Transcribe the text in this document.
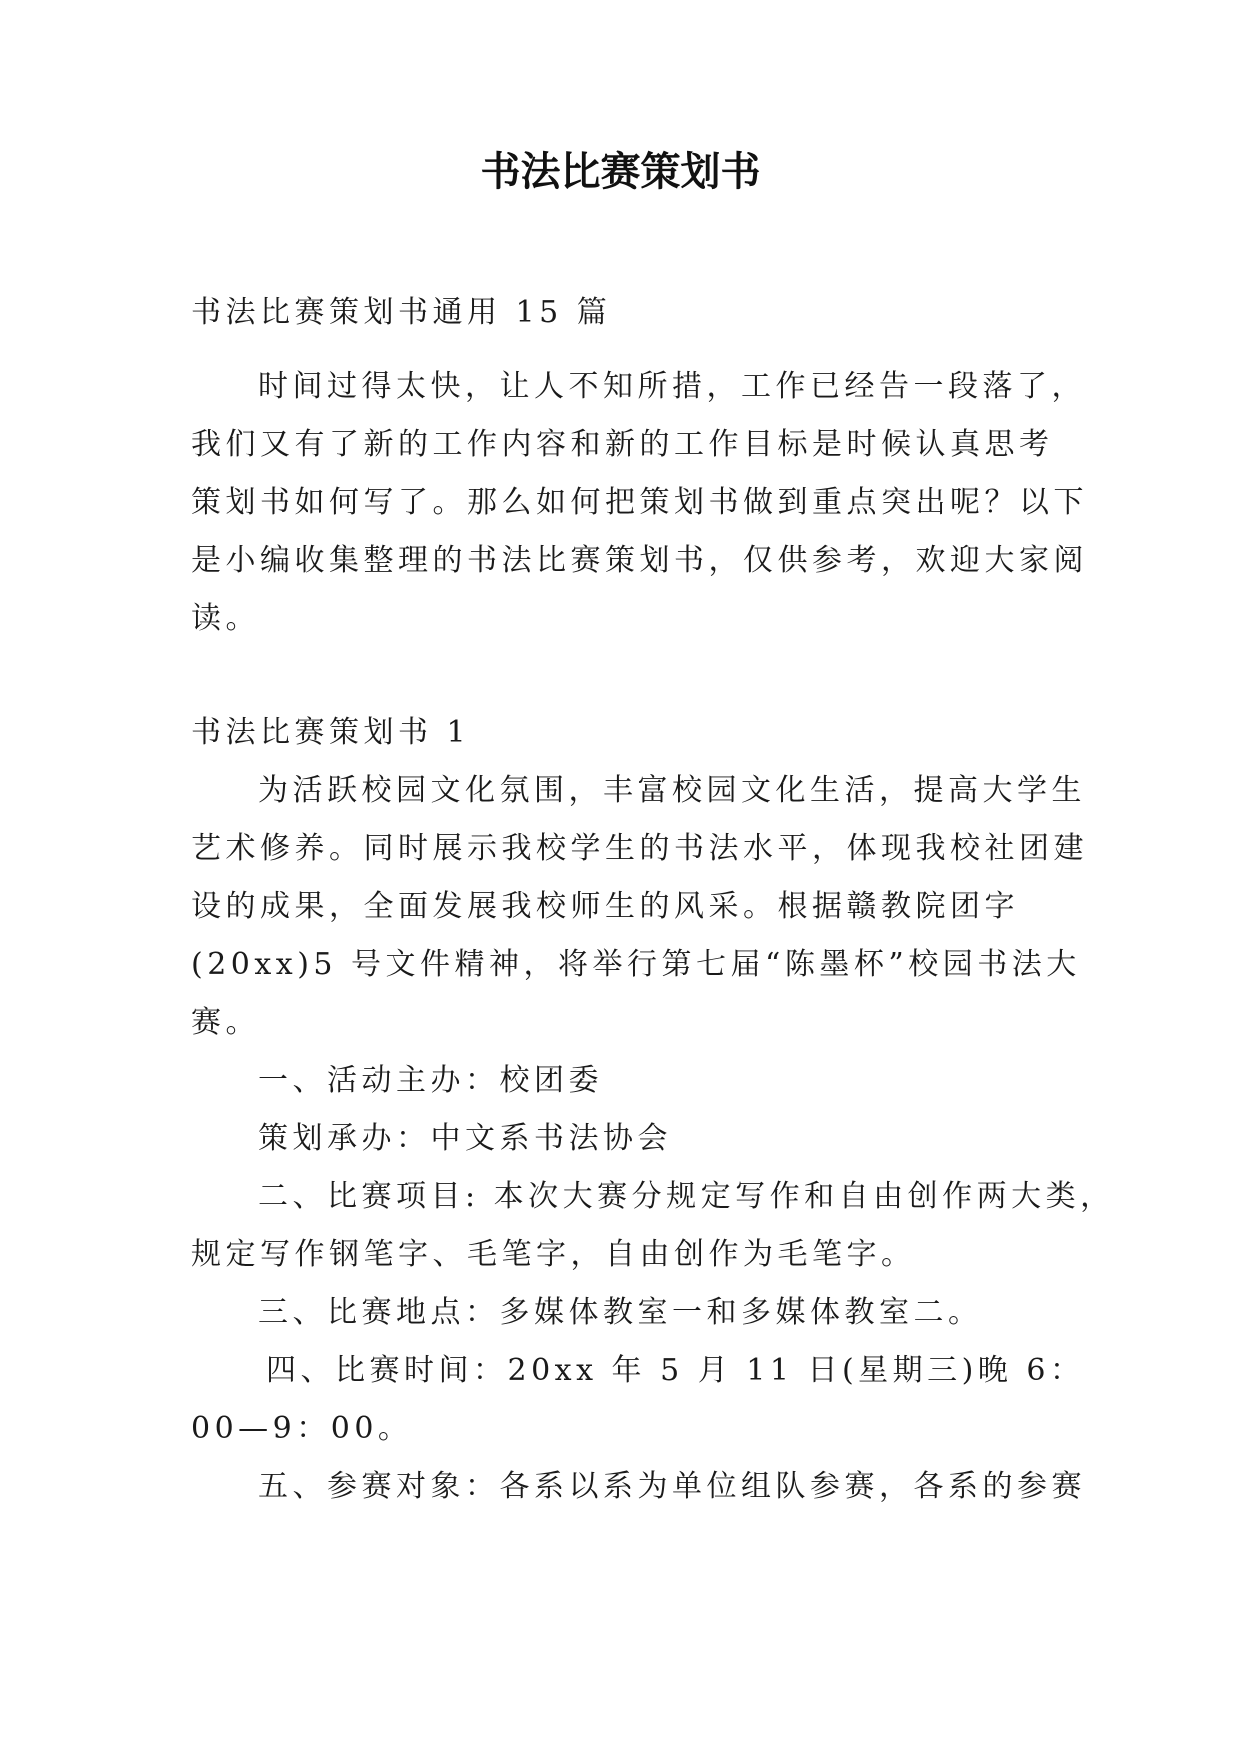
书法比赛策划书

书法比赛策划书通用 15 篇

时间过得太快，让人不知所措，工作已经告一段落了，

我们又有了新的工作内容和新的工作目标是时候认真思考

策划书如何写了。那么如何把策划书做到重点突出呢？以下

是小编收集整理的书法比赛策划书，仅供参考，欢迎大家阅

读。

书法比赛策划书 1

为活跃校园文化氛围，丰富校园文化生活，提高大学生

艺术修养。同时展示我校学生的书法水平，体现我校社团建

设的成果，全面发展我校师生的风采。根据赣教院团字

(20xx)5 号文件精神，将举行第七届“陈墨杯”校园书法大

赛。

一、活动主办：校团委

策划承办：中文系书法协会

二、比赛项目: 本次大赛分规定写作和自由创作两大类，

规定写作钢笔字、毛笔字，自由创作为毛笔字。

三、比赛地点：多媒体教室一和多媒体教室二。

四、比赛时间：20xx 年 5 月 11 日(星期三)晚 6：

00—9：00。

五、参赛对象：各系以系为单位组队参赛，各系的参赛
